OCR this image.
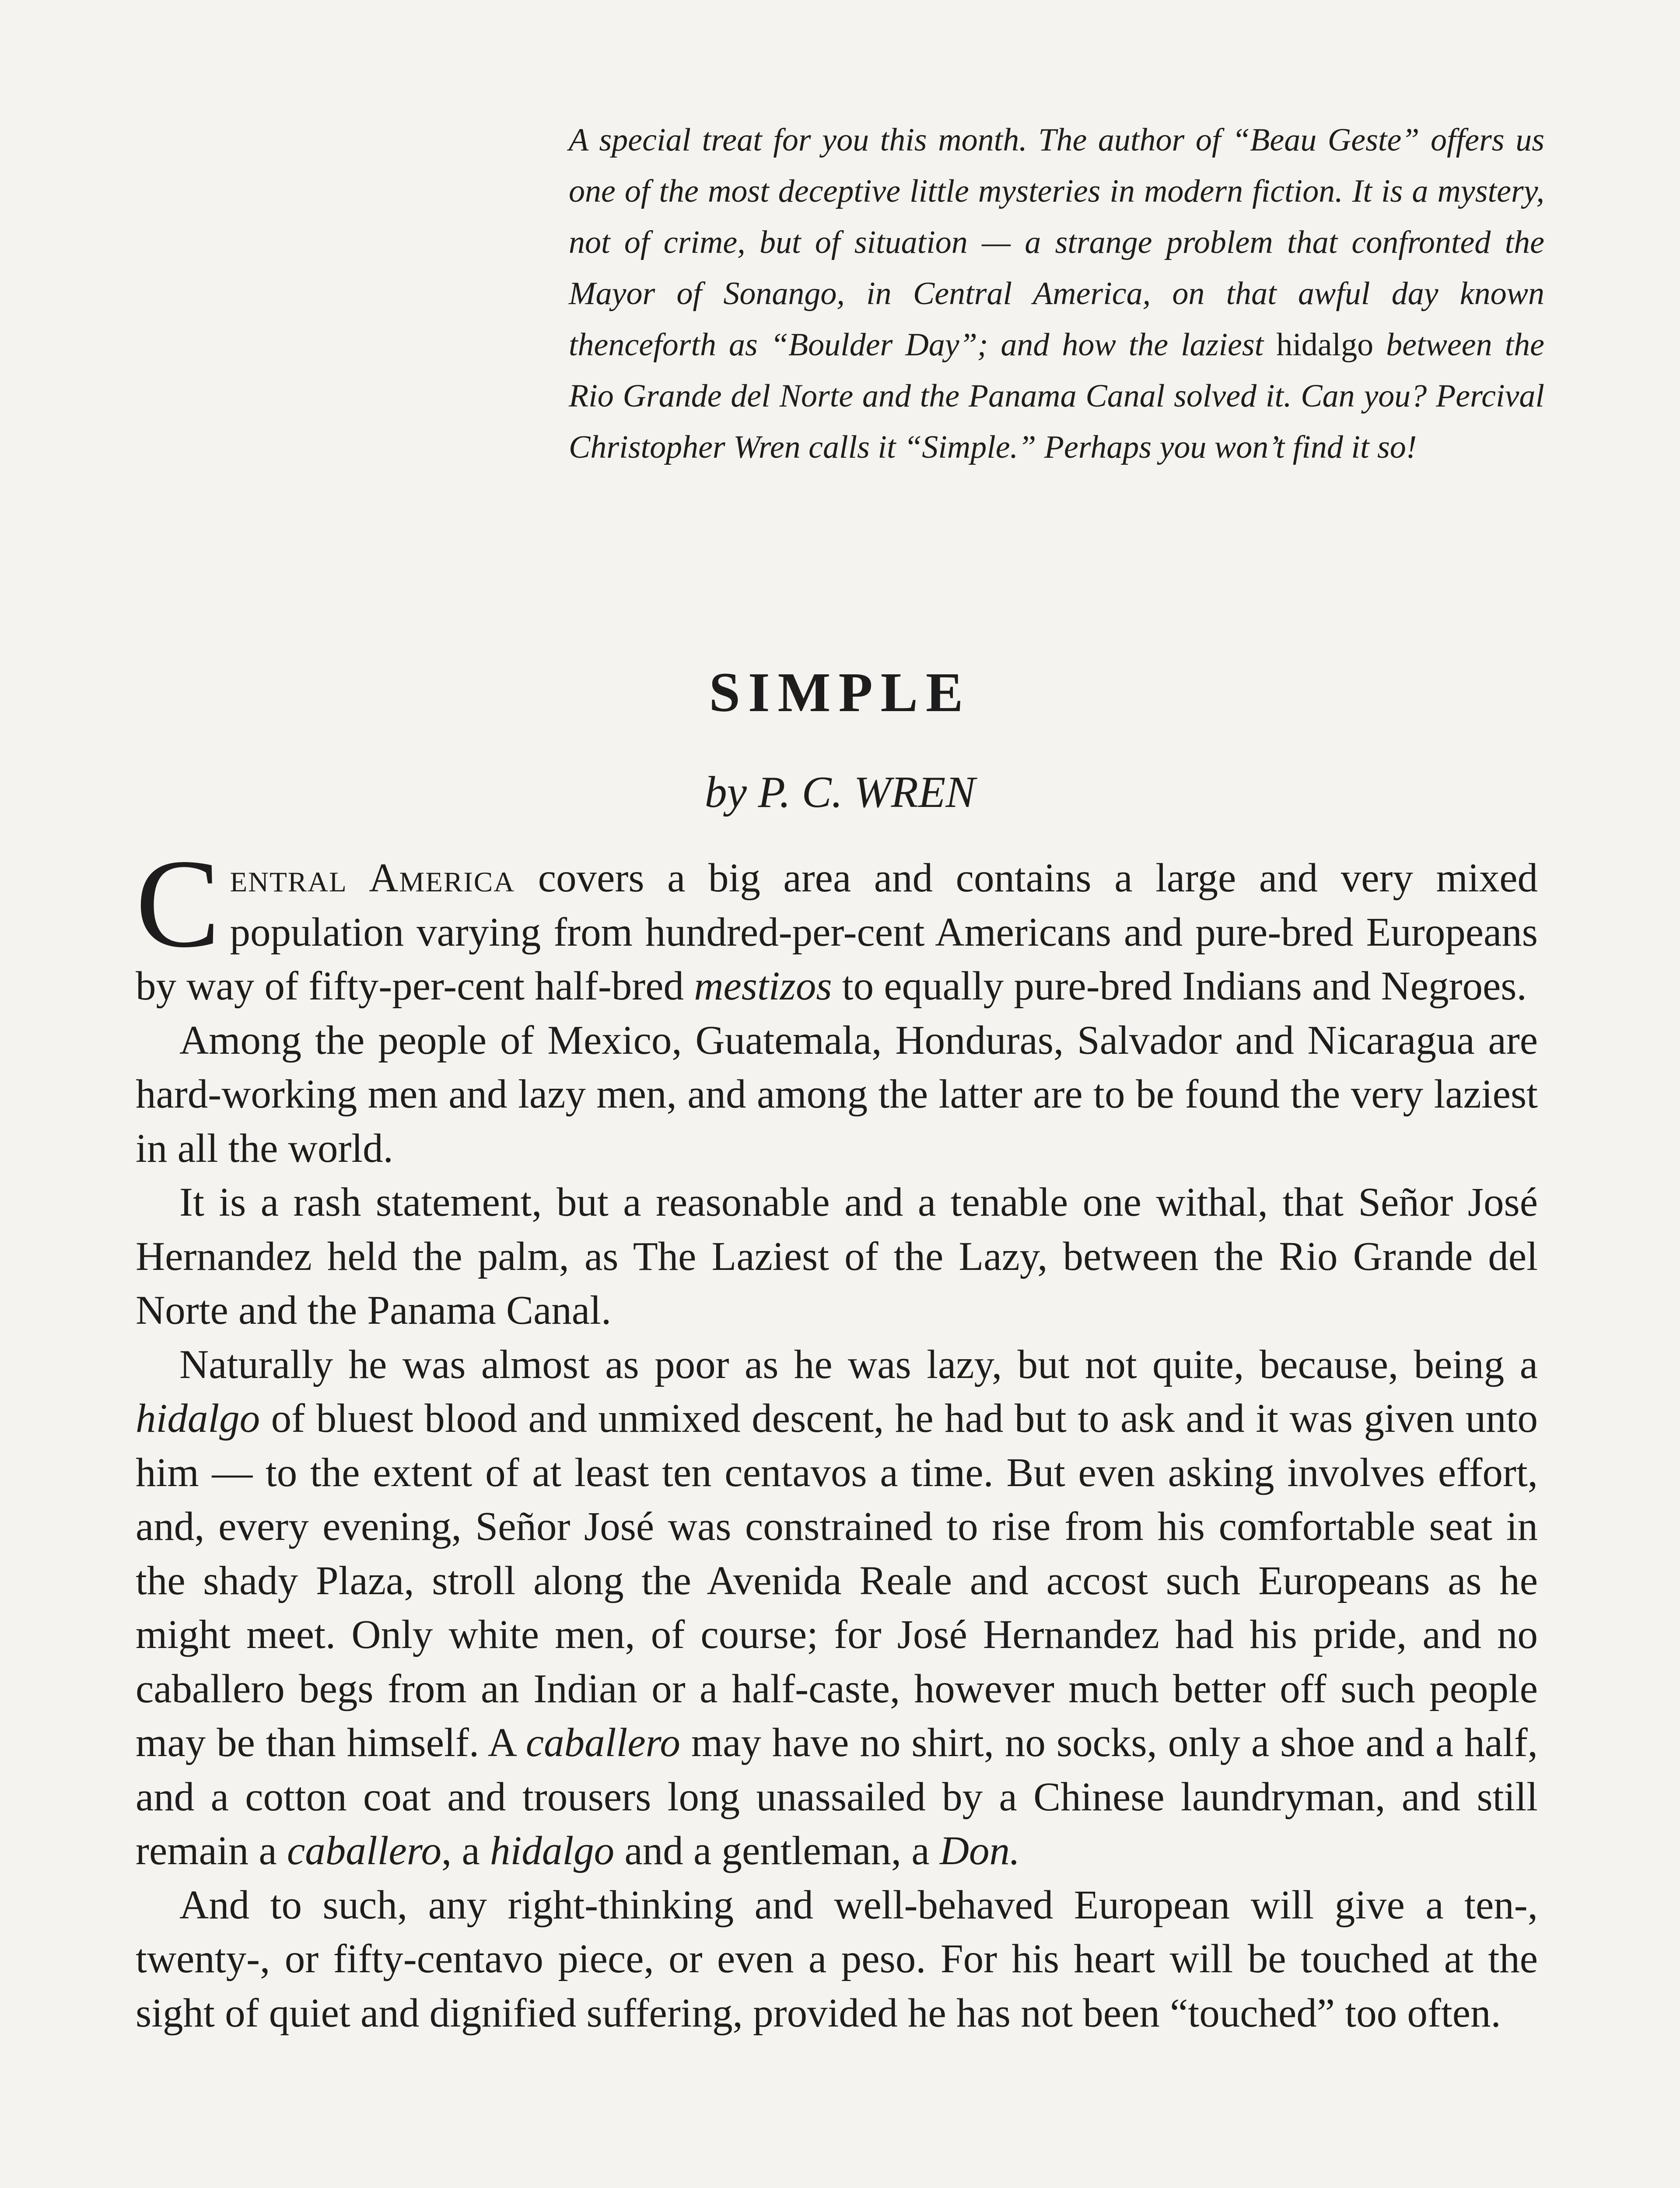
A special treat for you this month. The author of “Beau Geste” offers us one of the most deceptive little mysteries in modern fiction. It is a mystery, not of crime, but of situation — a strange problem that confronted the Mayor of Sonango, in Central America, on that awful day known thenceforth as “Boulder Day”; and how the laziest hidalgo between the Rio Grande del Norte and the Panama Canal solved it. Can you? Percival Christopher Wren calls it “Simple.” Perhaps you won’t find it so!
SIMPLE
by P. C. WREN

Central America covers a big area and contains a large and very mixed population varying from hundred-per-cent Americans and pure-bred Europeans by way of fifty-per-cent half-bred mestizos to equally pure-bred Indians and Negroes.

Among the people of Mexico, Guatemala, Honduras, Salvador and Nicaragua are hard-working men and lazy men, and among the latter are to be found the very laziest in all the world.

It is a rash statement, but a reasonable and a tenable one withal, that Señor José Hernandez held the palm, as The Laziest of the Lazy, between the Rio Grande del Norte and the Panama Canal.

Naturally he was almost as poor as he was lazy, but not quite, because, being a hidalgo of bluest blood and unmixed descent, he had but to ask and it was given unto him — to the extent of at least ten centavos a time. But even asking involves effort, and, every evening, Señor José was constrained to rise from his comfortable seat in the shady Plaza, stroll along the Avenida Reale and accost such Europeans as he might meet. Only white men, of course; for José Hernandez had his pride, and no caballero begs from an Indian or a half-caste, however much better off such people may be than himself. A caballero may have no shirt, no socks, only a shoe and a half, and a cotton coat and trousers long unassailed by a Chinese laundryman, and still remain a caballero, a hidalgo and a gentleman, a Don.

And to such, any right-thinking and well-behaved European will give a ten-, twenty-, or fifty-centavo piece, or even a peso. For his heart will be touched at the sight of quiet and dignified suffering, provided he has not been “touched” too often.
